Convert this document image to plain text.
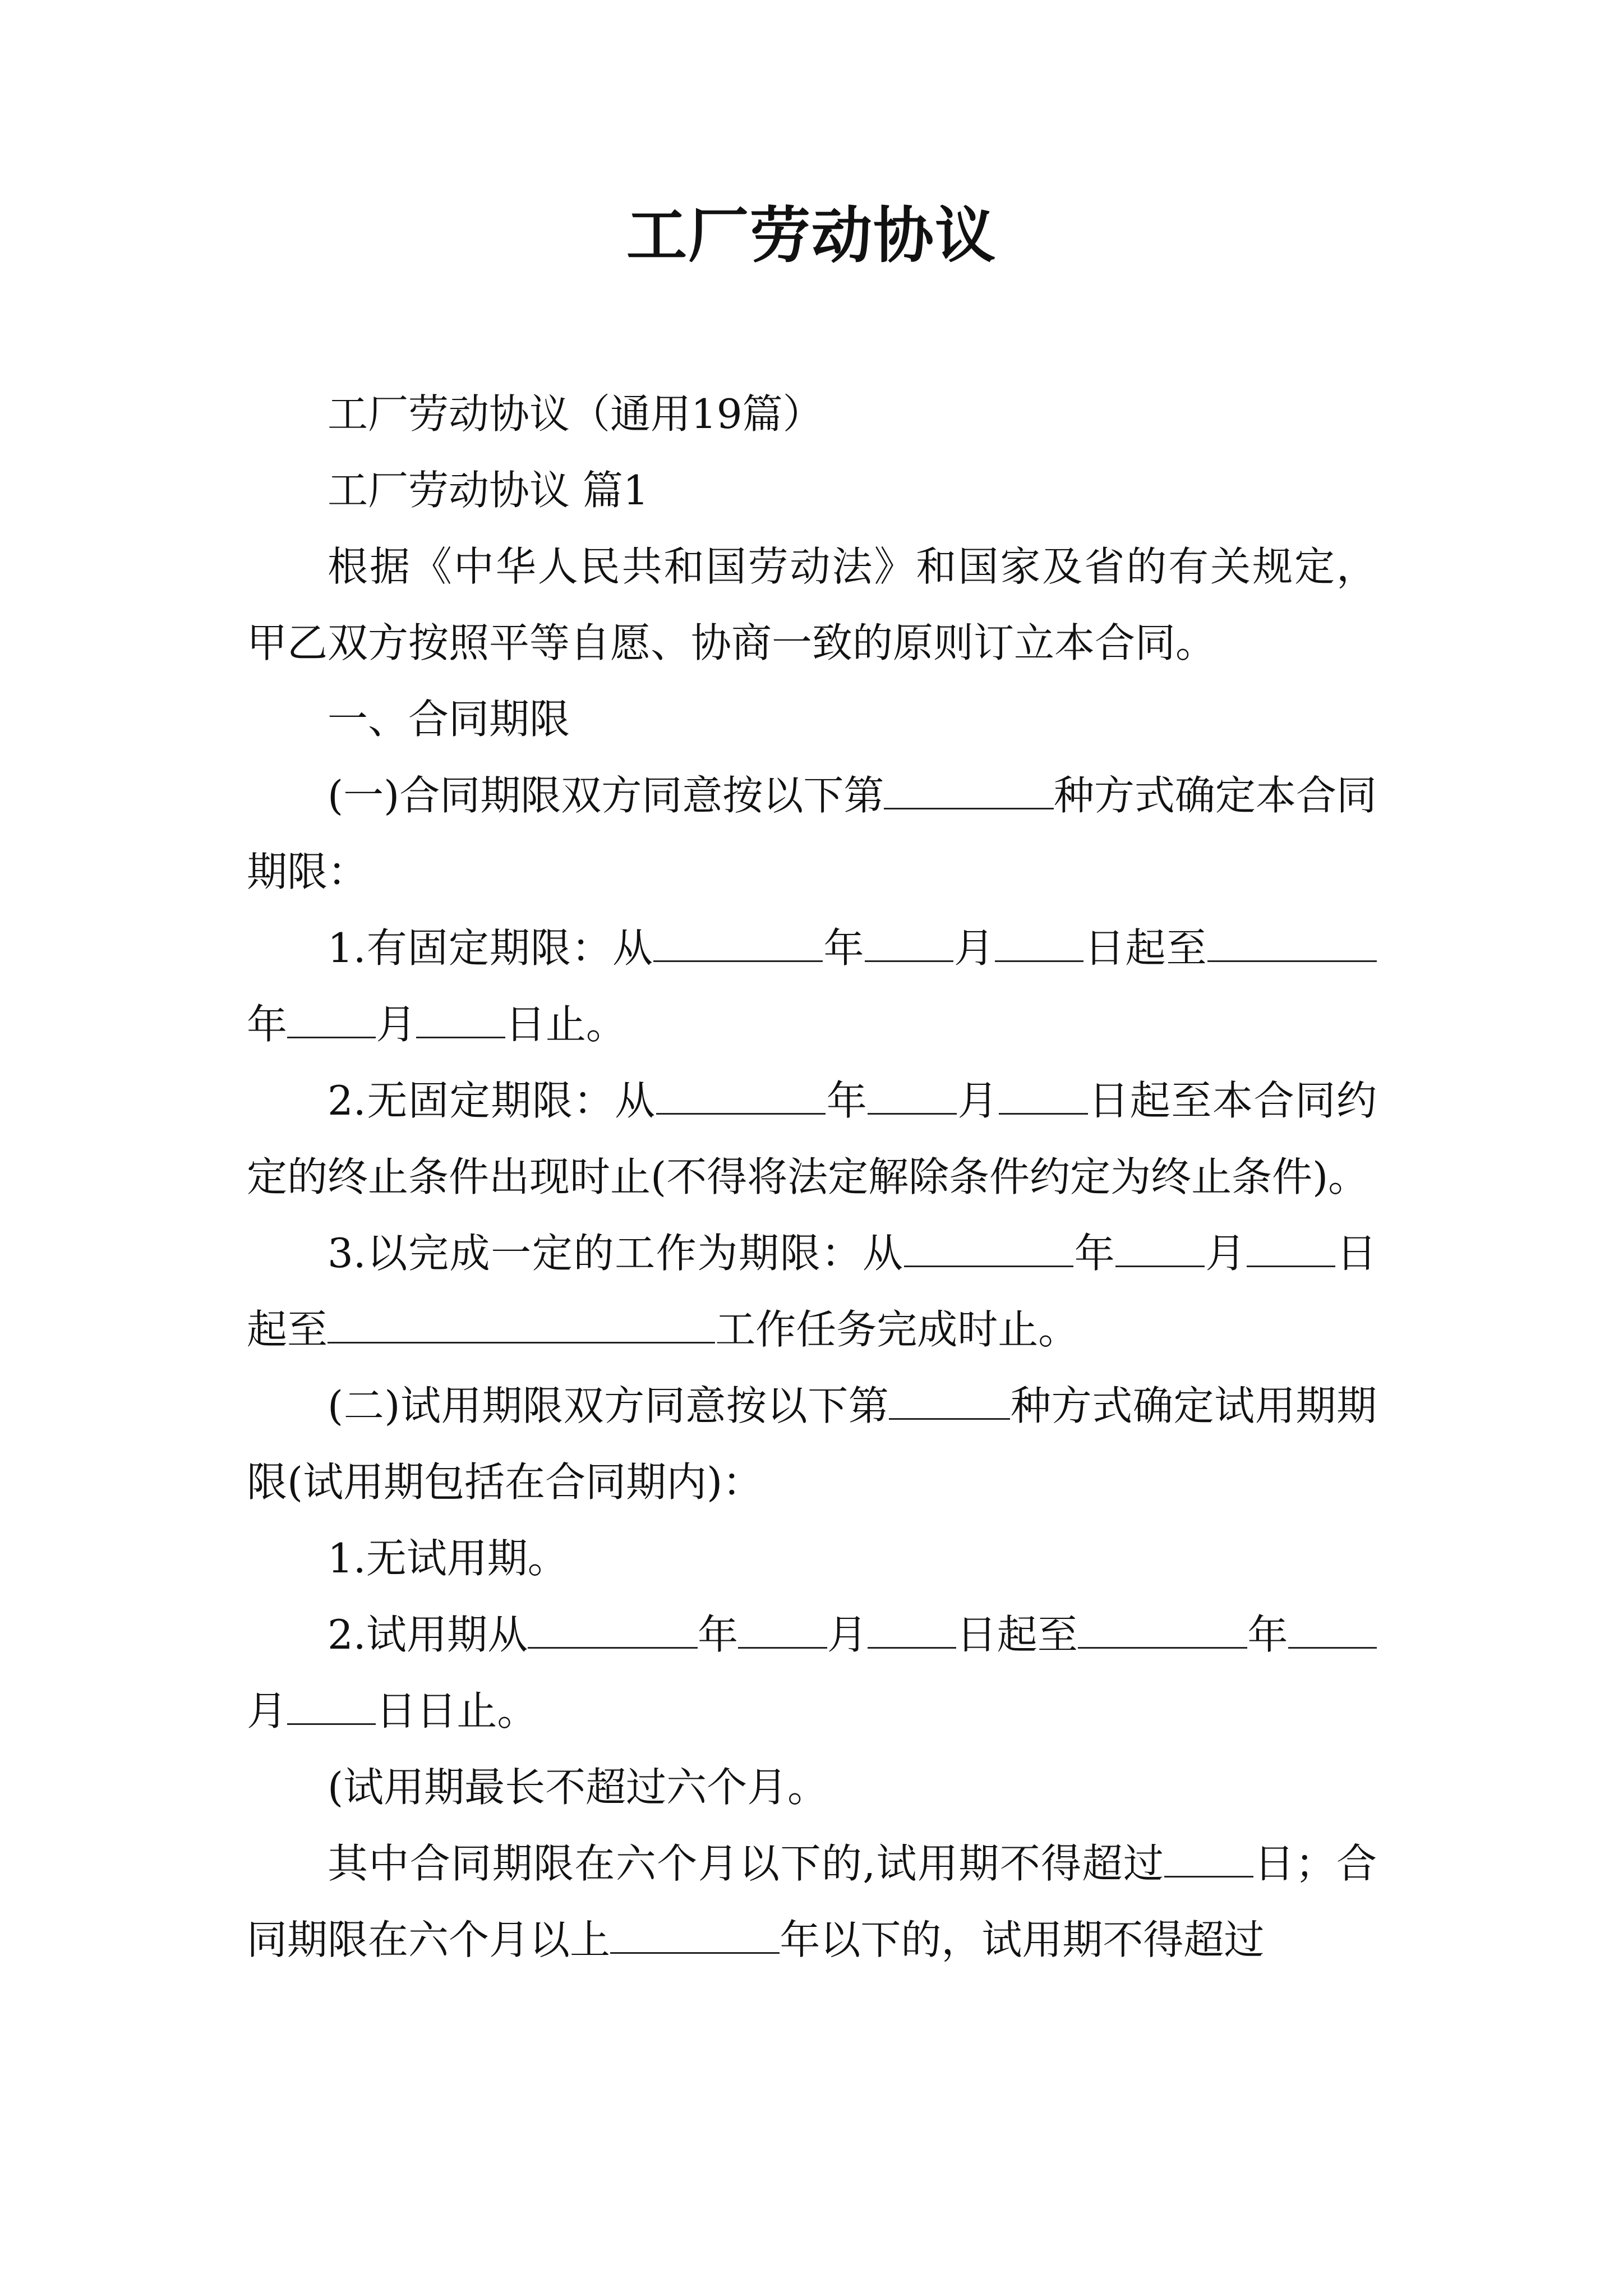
工厂劳动协议

工厂劳动协议（通用19篇）

工厂劳动协议 篇1

根据《中华人民共和国劳动法》和国家及省的有关规定，甲乙双方按照平等自愿、协商一致的原则订立本合同。

一、合同期限

(一)合同期限双方同意按以下第	种方式确定本合同期限：

1.有固定期限：从	年 月 日起至年 月 日止。

2.无固定期限：从	年 月 日起至本合同约定的终止条件出现时止(不得将法定解除条件约定为终止条件)。

3.以完成一定的工作为期限：从	年 月 日起至	工作任务完成时止。

(二)试用期限双方同意按以下第	种方式确定试用期期限(试用期包括在合同期内)：

1.无试用期。

2.试用期从	年 月 日起至	年月 日日止。

(试用期最长不超过六个月。

其中合同期限在六个月以下的,试用期不得超过 日；合同期限在六个月以上	年以下的，试用期不得超过
